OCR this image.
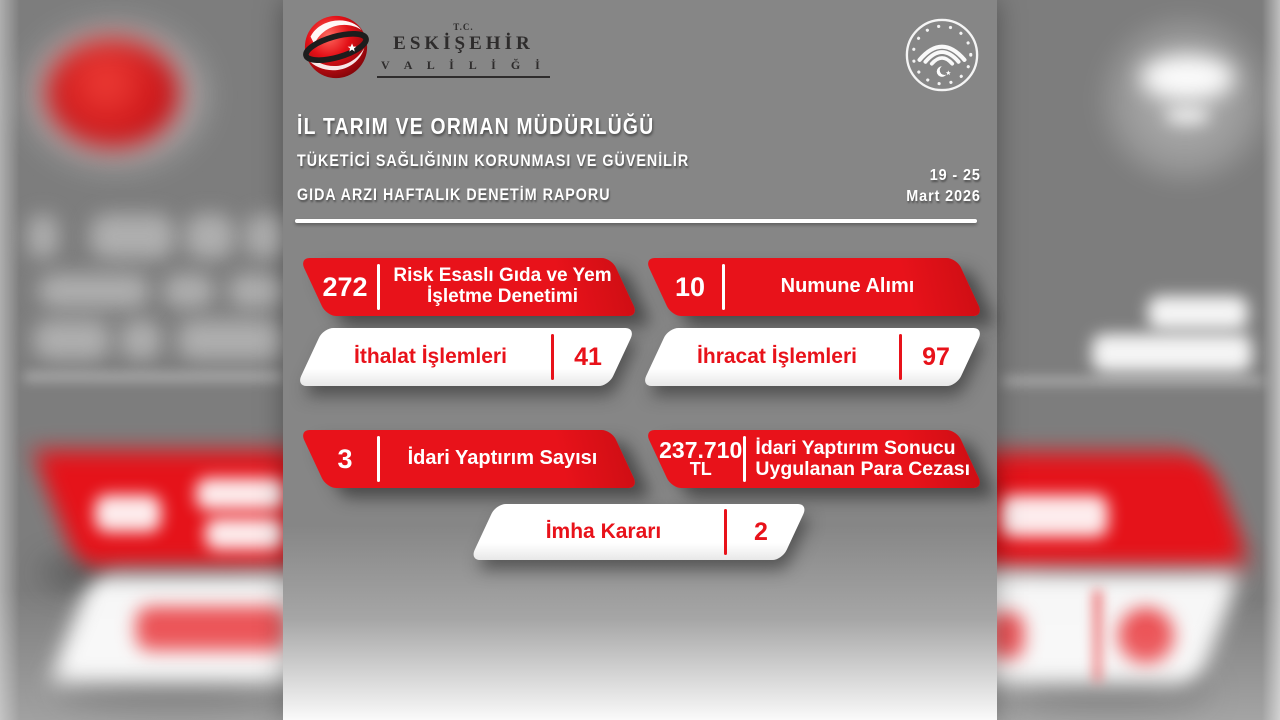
T.C.
ESKİŞEHİR
V A L İ L İ Ğ İ
İL TARIM VE ORMAN MÜDÜRLÜĞÜ
TÜKETİCİ SAĞLIĞININ KORUNMASI VE GÜVENİLİR
GIDA ARZI HAFTALIK DENETİM RAPORU
19 - 25
Mart 2026
272	Risk Esaslı Gıda ve Yem
İşletme Denetimi	10	Numune Alımı
İthalat İşlemleri	41	İhracat İşlemleri	97
3	İdari Yaptırım Sayısı	237.710
TL
İdari Yaptırım Sonucu
Uygulanan Para Cezası
İmha Kararı	2
